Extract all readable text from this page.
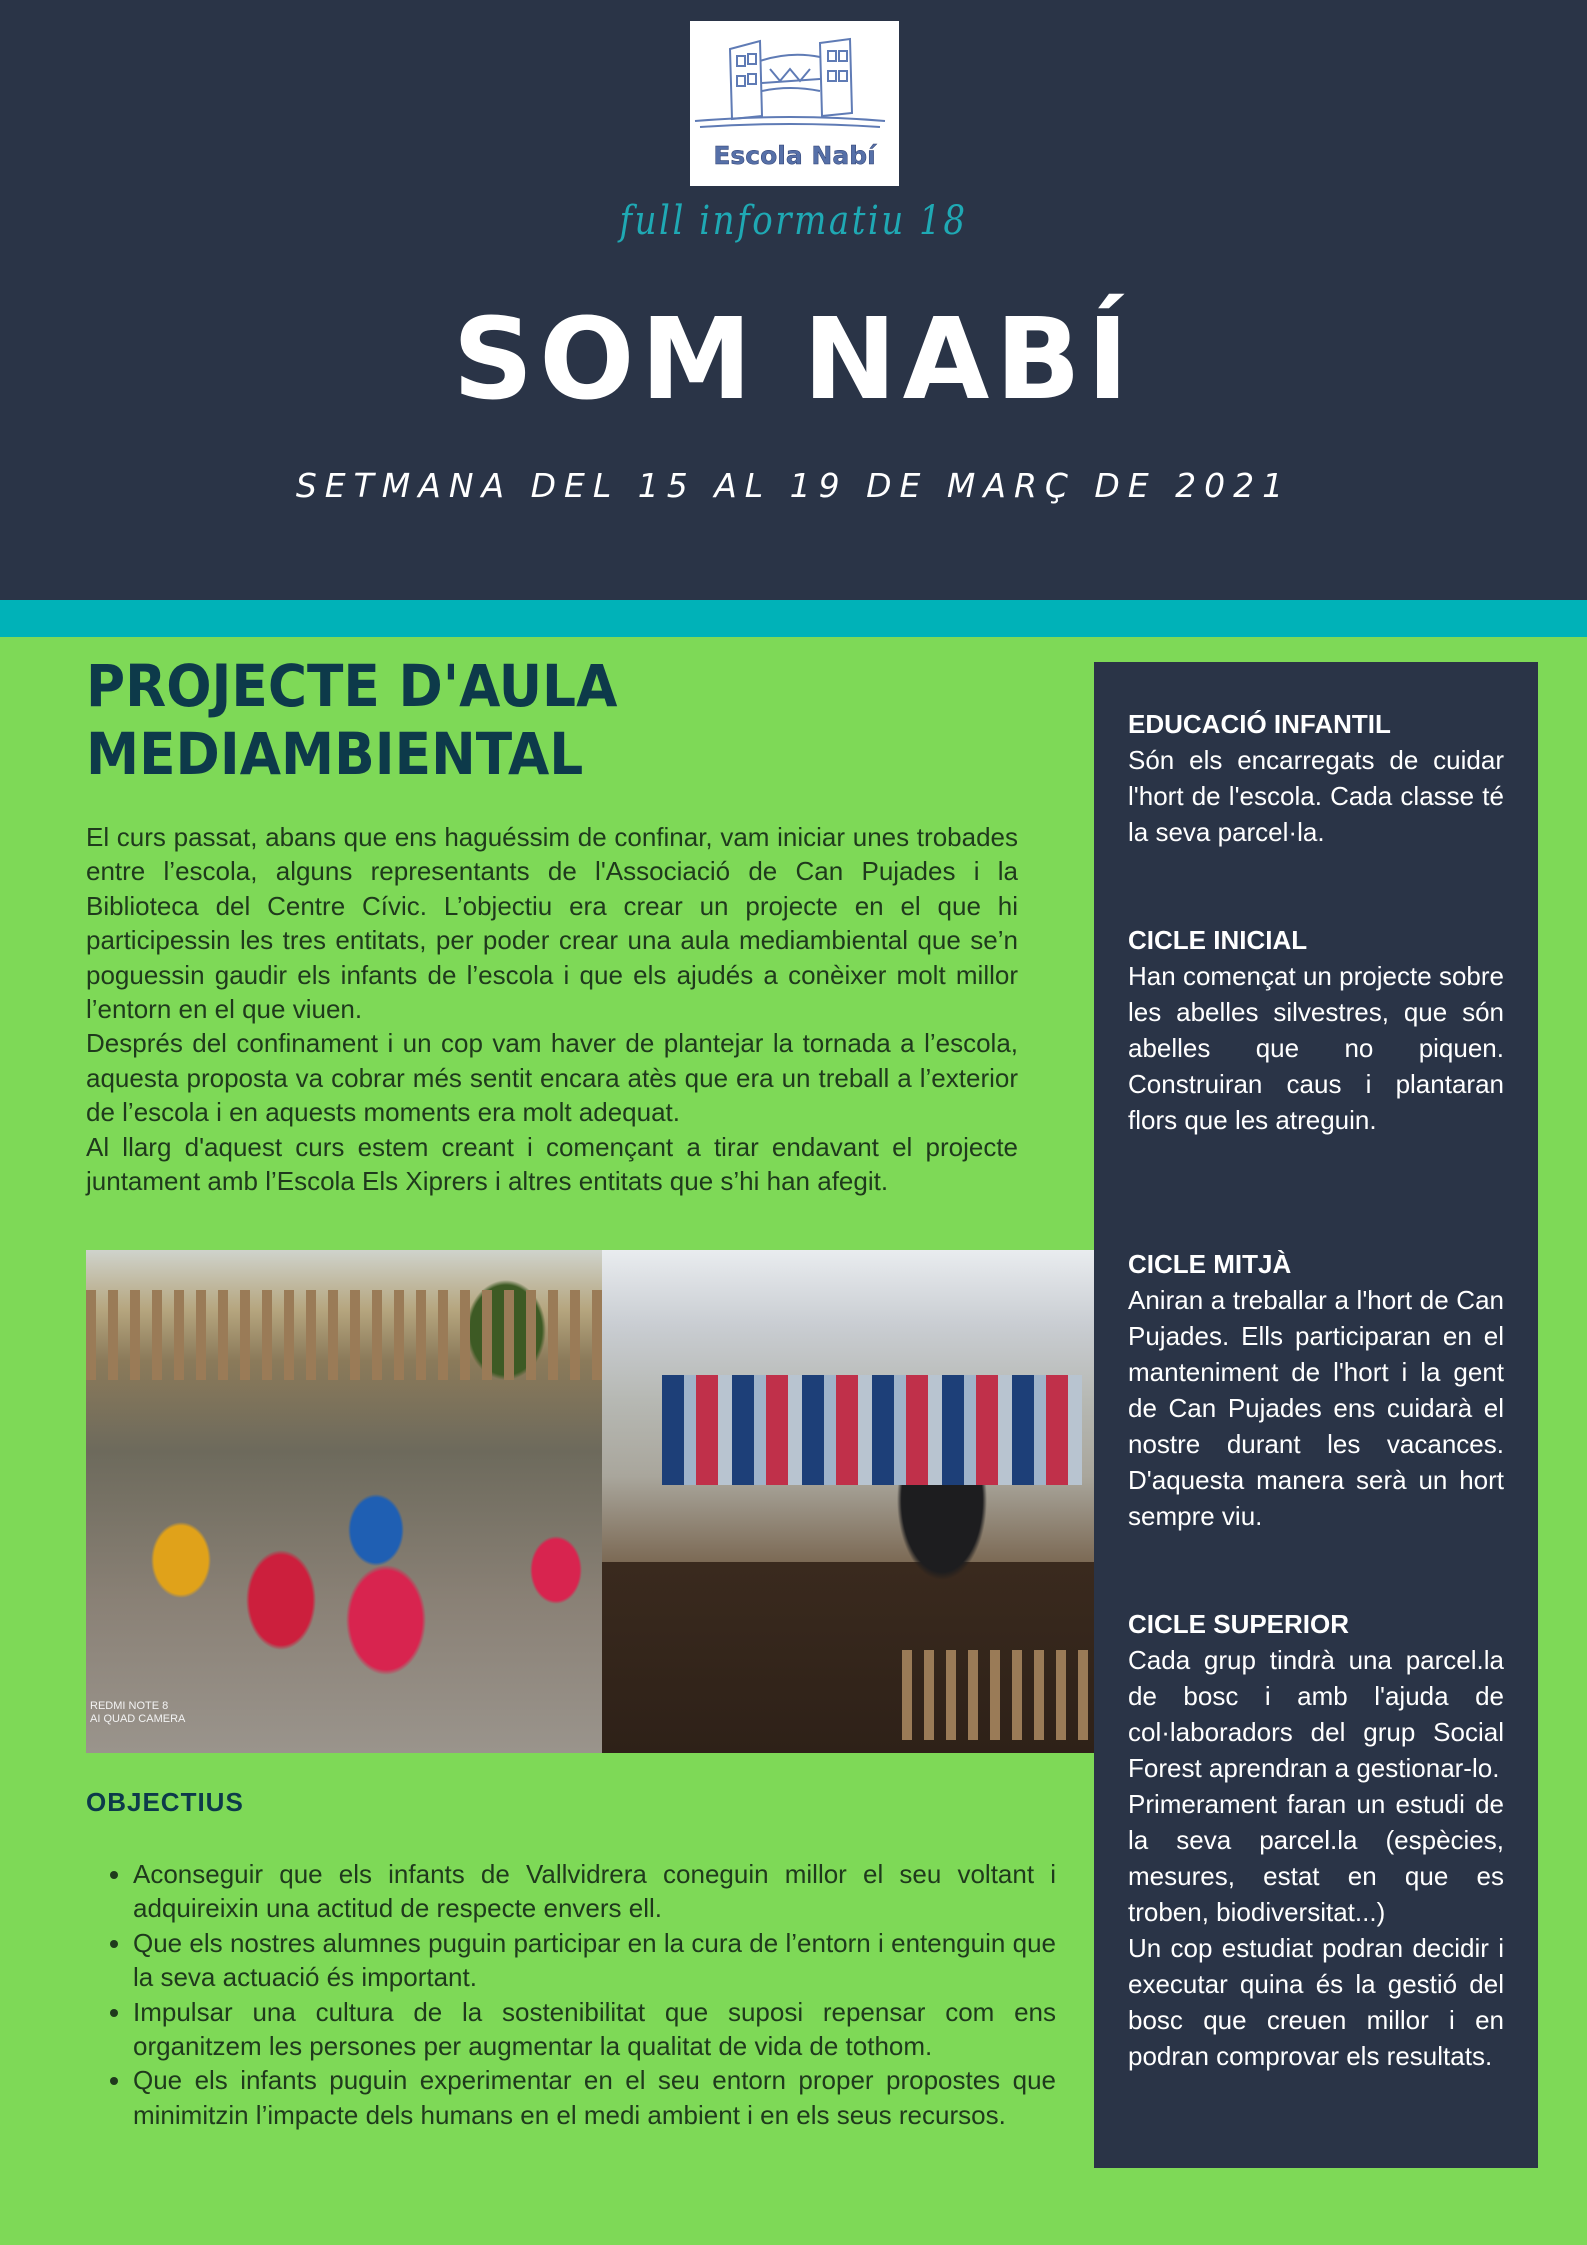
Escola Nabí
full informatiu 18
SOM NABÍ
SETMANA DEL 15 AL 19 DE MARÇ DE 2021
PROJECTE D'AULA
MEDIAMBIENTAL

El curs passat, abans que ens haguéssim de confinar, vam iniciar unes trobades entre l’escola, alguns representants de l'Associació de Can Pujades i la Biblioteca del Centre Cívic. L’objectiu era crear un projecte en el que hi participessin les tres entitats, per poder crear una aula mediambiental que se’n poguessin gaudir els infants de l’escola i que els ajudés a conèixer molt millor l’entorn en el que viuen.

Després del confinament i un cop vam haver de plantejar la tornada a l’escola, aquesta proposta va cobrar més sentit encara atès que era un treball a l’exterior de l’escola i en aquests moments era molt adequat.

Al llarg d'aquest curs estem creant i començant a tirar endavant el projecte juntament amb l’Escola Els Xiprers i altres entitats que s’hi han afegit.

REDMI NOTE 8
AI QUAD CAMERA
OBJECTIUS
• Aconseguir que els infants de Vallvidrera coneguin millor el seu voltant i adquireixin una actitud de respecte envers ell.
• Que els nostres alumnes puguin participar en la cura de l’entorn i entenguin que la seva actuació és important.
• Impulsar una cultura de la sostenibilitat que suposi repensar com ens organitzem les persones per augmentar la qualitat de vida de tothom.
• Que els infants puguin experimentar en el seu entorn proper propostes que minimitzin l’impacte dels humans en el medi ambient i en els seus recursos.
EDUCACIÓ INFANTIL

Són els encarregats de cuidar l'hort de l'escola. Cada classe té la seva parcel·la.

CICLE INICIAL

Han començat un projecte sobre les abelles silvestres, que són abelles que no piquen. Construiran caus i plantaran flors que les atreguin.

CICLE MITJÀ

Aniran a treballar a l'hort de Can Pujades. Ells participaran en el manteniment de l'hort i la gent de Can Pujades ens cuidarà el nostre durant les vacances. D'aquesta manera serà un hort sempre viu.

CICLE SUPERIOR

Cada grup tindrà una parcel.la de bosc i amb l'ajuda de col·laboradors del grup Social Forest aprendran a gestionar-lo.

Primerament faran un estudi de la seva parcel.la (espècies, mesures, estat en que es troben, biodiversitat...)

Un cop estudiat podran decidir i executar quina és la gestió del bosc que creuen millor i en podran comprovar els resultats.
